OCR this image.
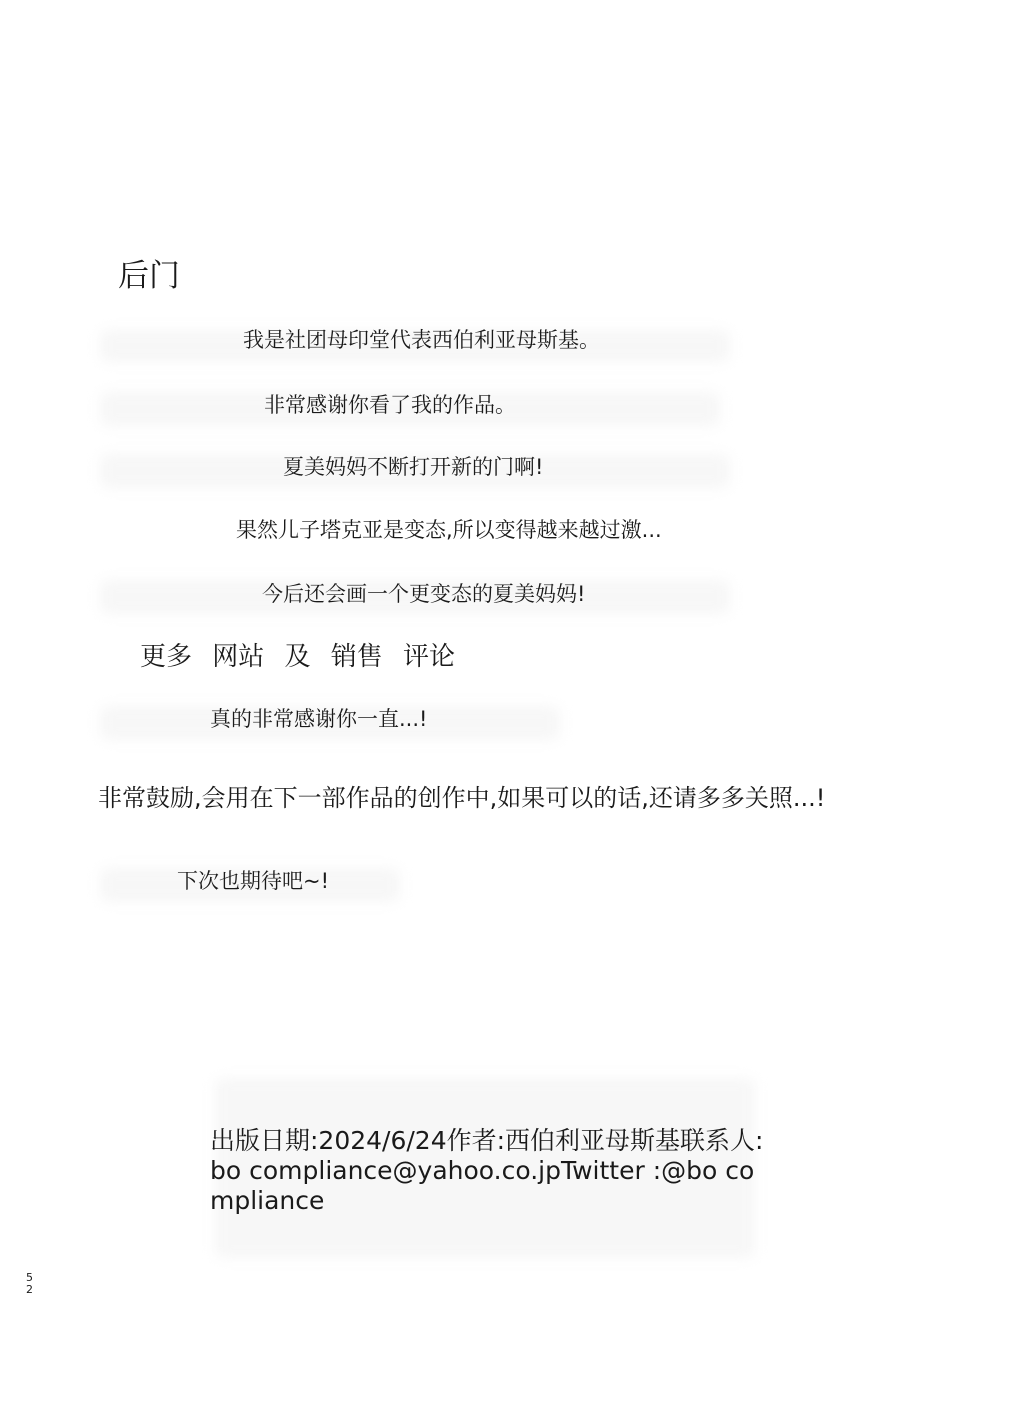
后门
我是社团母印堂代表西伯利亚母斯基。
非常感谢你看了我的作品。
夏美妈妈不断打开新的门啊!
果然儿子塔克亚是变态,所以变得越来越过激...
今后还会画一个更变态的夏美妈妈!
更多 网站 及 销售 评论
真的非常感谢你一直...!
非常鼓励,会用在下一部作品的创作中,如果可以的话,还请多多关照...!
下次也期待吧~!
出版日期:2024/6/24作者:西伯利亚母斯基联系人:bo compliance@yahoo.co.jpTwitter :@bo compliance
52
